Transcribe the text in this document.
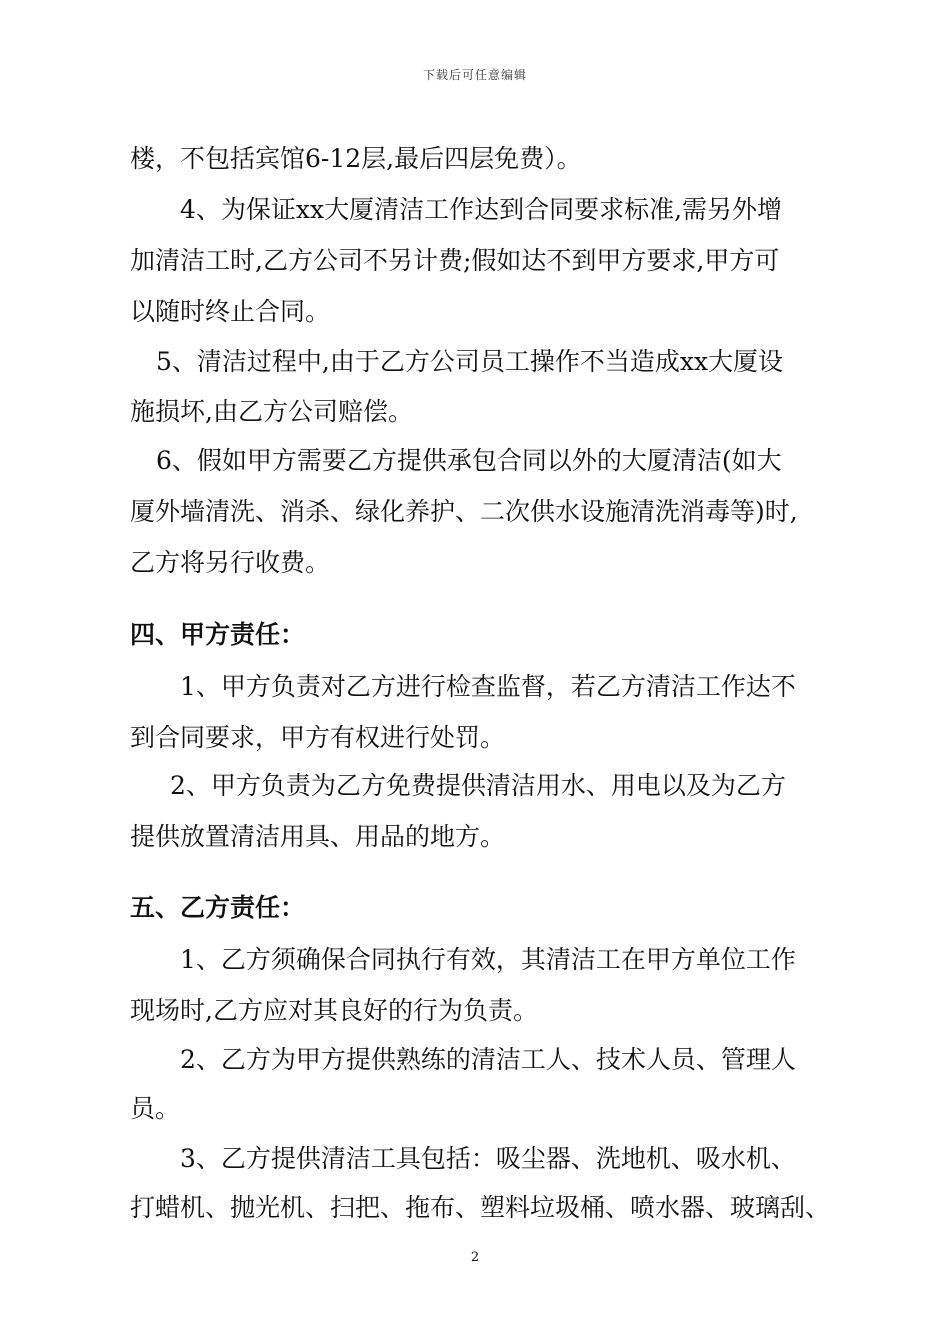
下载后可任意编辑
楼，不包括宾馆6-12层,最后四层免费）。
4、为保证xx大厦清洁工作达到合同要求标准,需另外增
加清洁工时,乙方公司不另计费;假如达不到甲方要求,甲方可
以随时终止合同。
5、清洁过程中,由于乙方公司员工操作不当造成xx大厦设
施损坏,由乙方公司赔偿。
6、假如甲方需要乙方提供承包合同以外的大厦清洁(如大
厦外墙清洗、消杀、绿化养护、二次供水设施清洗消毒等)时,
乙方将另行收费。
四、甲方责任：
1、甲方负责对乙方进行检查监督，若乙方清洁工作达不
到合同要求，甲方有权进行处罚。
2、甲方负责为乙方免费提供清洁用水、用电以及为乙方
提供放置清洁用具、用品的地方。
五、乙方责任：
1、乙方须确保合同执行有效，其清洁工在甲方单位工作
现场时,乙方应对其良好的行为负责。
2、乙方为甲方提供熟练的清洁工人、技术人员、管理人
员。
3、乙方提供清洁工具包括：吸尘器、洗地机、吸水机、
打蜡机、抛光机、扫把、拖布、塑料垃圾桶、喷水器、玻璃刮、
2
